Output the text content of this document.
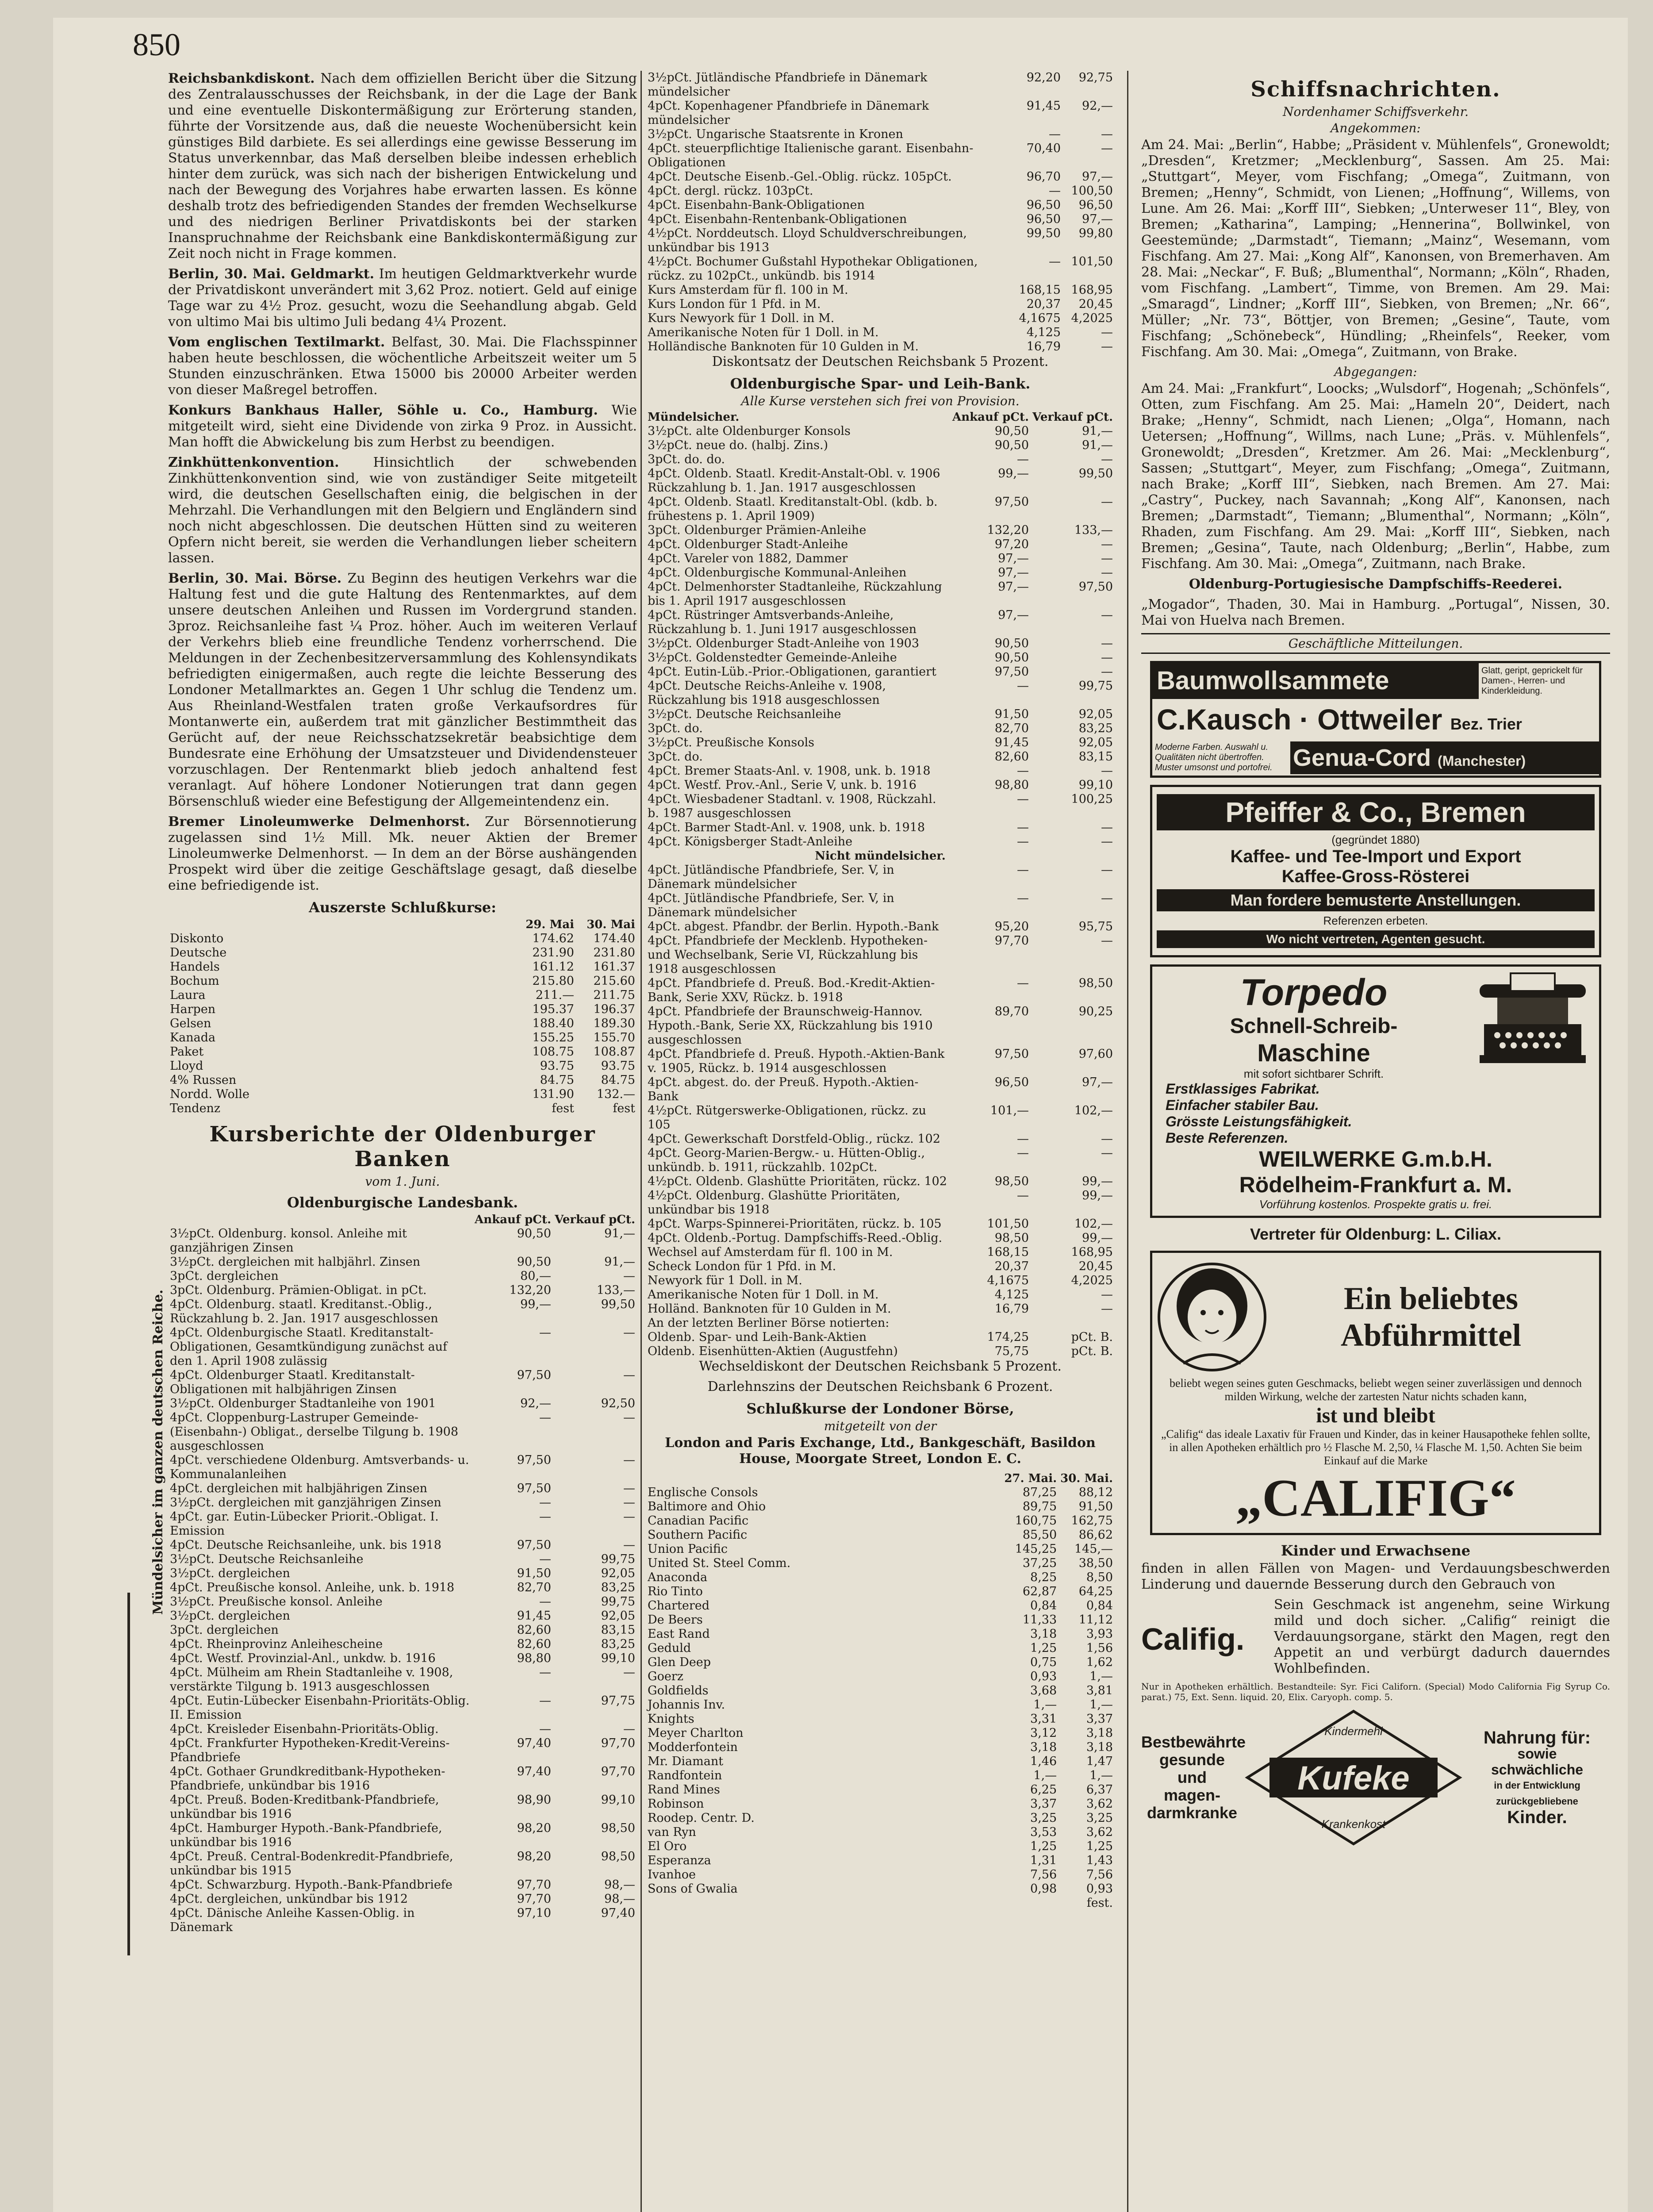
850
Mündelsicher im ganzen deutschen Reiche.

Reichsbankdiskont. Nach dem offiziellen Bericht über die Sitzung des Zentralausschusses der Reichsbank, in der die Lage der Bank und eine eventuelle Diskontermäßigung zur Erörterung standen, führte der Vorsitzende aus, daß die neueste Wochenübersicht kein günstiges Bild darbiete. Es sei allerdings eine gewisse Besserung im Status unverkennbar, das Maß derselben bleibe indessen erheblich hinter dem zurück, was sich nach der bisherigen Entwickelung und nach der Bewegung des Vorjahres habe erwarten lassen. Es könne deshalb trotz des befriedigenden Standes der fremden Wechselkurse und des niedrigen Berliner Privatdiskonts bei der starken Inanspruchnahme der Reichsbank eine Bankdiskontermäßigung zur Zeit noch nicht in Frage kommen.

Berlin, 30. Mai. Geldmarkt. Im heutigen Geldmarktverkehr wurde der Privatdiskont unverändert mit 3,62 Proz. notiert. Geld auf einige Tage war zu 4½ Proz. gesucht, wozu die Seehandlung abgab. Geld von ultimo Mai bis ultimo Juli bedang 4¼ Prozent.

Vom englischen Textilmarkt. Belfast, 30. Mai. Die Flachsspinner haben heute beschlossen, die wöchentliche Arbeitszeit weiter um 5 Stunden einzuschränken. Etwa 15000 bis 20000 Arbeiter werden von dieser Maßregel betroffen.

Konkurs Bankhaus Haller, Söhle u. Co., Hamburg. Wie mitgeteilt wird, sieht eine Dividende von zirka 9 Proz. in Aussicht. Man hofft die Abwickelung bis zum Herbst zu beendigen.

Zinkhüttenkonvention. Hinsichtlich der schwebenden Zinkhüttenkonvention sind, wie von zuständiger Seite mitgeteilt wird, die deutschen Gesellschaften einig, die belgischen in der Mehrzahl. Die Verhandlungen mit den Belgiern und Engländern sind noch nicht abgeschlossen. Die deutschen Hütten sind zu weiteren Opfern nicht bereit, sie werden die Verhandlungen lieber scheitern lassen.

Berlin, 30. Mai. Börse. Zu Beginn des heutigen Verkehrs war die Haltung fest und die gute Haltung des Rentenmarktes, auf dem unsere deutschen Anleihen und Russen im Vordergrund standen. 3proz. Reichsanleihe fast ¼ Proz. höher. Auch im weiteren Verlauf der Verkehrs blieb eine freundliche Tendenz vorherrschend. Die Meldungen in der Zechenbesitzerversammlung des Kohlensyndikats befriedigten einigermaßen, auch regte die leichte Besserung des Londoner Metallmarktes an. Gegen 1 Uhr schlug die Tendenz um. Aus Rheinland-Westfalen traten große Verkaufsordres für Montanwerte ein, außerdem trat mit gänzlicher Bestimmtheit das Gerücht auf, der neue Reichsschatzsekretär beabsichtige dem Bundesrate eine Erhöhung der Umsatzsteuer und Dividendensteuer vorzuschlagen. Der Rentenmarkt blieb jedoch anhaltend fest veranlagt. Auf höhere Londoner Notierungen trat dann gegen Börsenschluß wieder eine Befestigung der Allgemeintendenz ein.

Bremer Linoleumwerke Delmenhorst. Zur Börsennotierung zugelassen sind 1½ Mill. Mk. neuer Aktien der Bremer Linoleumwerke Delmenhorst. — In dem an der Börse aushängenden Prospekt wird über die zeitige Geschäftslage gesagt, daß dieselbe eine befriedigende ist.

Auszerste Schlußkurse:
	29. Mai	30. Mai
Diskonto	174.62	174.40
Deutsche	231.90	231.80
Handels	161.12	161.37
Bochum	215.80	215.60
Laura	211.—	211.75
Harpen	195.37	196.37
Gelsen	188.40	189.30
Kanada	155.25	155.70
Paket	108.75	108.87
Lloyd	93.75	93.75
4% Russen	84.75	84.75
Nordd. Wolle	131.90	132.—
Tendenz	fest	fest
Kursberichte der Oldenburger Banken
vom 1. Juni.
Oldenburgische Landesbank.
	Ankauf pCt.	Verkauf pCt.
3½pCt. Oldenburg. konsol. Anleihe mit ganzjährigen Zinsen	90,50	91,—
3½pCt. dergleichen mit halbjährl. Zinsen	90,50	91,—
3pCt. dergleichen	80,—	—
3pCt. Oldenburg. Prämien-Obligat. in pCt.	132,20	133,—
4pCt. Oldenburg. staatl. Kreditanst.-Oblig., Rückzahlung b. 2. Jan. 1917 ausgeschlossen	99,—	99,50
4pCt. Oldenburgische Staatl. Kreditanstalt-Obligationen, Gesamtkündigung zunächst auf den 1. April 1908 zulässig	—	—
4pCt. Oldenburger Staatl. Kreditanstalt-Obligationen mit halbjährigen Zinsen	97,50	—
3½pCt. Oldenburger Stadtanleihe von 1901	92,—	92,50
4pCt. Cloppenburg-Lastruper Gemeinde-(Eisenbahn-) Obligat., derselbe Tilgung b. 1908 ausgeschlossen	—	—
4pCt. verschiedene Oldenburg. Amtsverbands- u. Kommunalanleihen	97,50	—
4pCt. dergleichen mit halbjährigen Zinsen	97,50	—
3½pCt. dergleichen mit ganzjährigen Zinsen	—	—
4pCt. gar. Eutin-Lübecker Priorit.-Obligat. I. Emission	—	—
4pCt. Deutsche Reichsanleihe, unk. bis 1918	97,50	—
3½pCt. Deutsche Reichsanleihe	—	99,75
3½pCt. dergleichen	91,50	92,05
4pCt. Preußische konsol. Anleihe, unk. b. 1918	82,70	83,25
3½pCt. Preußische konsol. Anleihe	—	99,75
3½pCt. dergleichen	91,45	92,05
3pCt. dergleichen	82,60	83,15
4pCt. Rheinprovinz Anleihescheine	82,60	83,25
4pCt. Westf. Provinzial-Anl., unkdw. b. 1916	98,80	99,10
4pCt. Mülheim am Rhein Stadtanleihe v. 1908, verstärkte Tilgung b. 1913 ausgeschlossen	—	—
4pCt. Eutin-Lübecker Eisenbahn-Prioritäts-Oblig. II. Emission	—	97,75
4pCt. Kreisleder Eisenbahn-Prioritäts-Oblig.	—	—
4pCt. Frankfurter Hypotheken-Kredit-Vereins-Pfandbriefe	97,40	97,70
4pCt. Gothaer Grundkreditbank-Hypotheken-Pfandbriefe, unkündbar bis 1916	97,40	97,70
4pCt. Preuß. Boden-Kreditbank-Pfandbriefe, unkündbar bis 1916	98,90	99,10
4pCt. Hamburger Hypoth.-Bank-Pfandbriefe, unkündbar bis 1916	98,20	98,50
4pCt. Preuß. Central-Bodenkredit-Pfandbriefe, unkündbar bis 1915	98,20	98,50
4pCt. Schwarzburg. Hypoth.-Bank-Pfandbriefe	97,70	98,—
4pCt. dergleichen, unkündbar bis 1912	97,70	98,—
4pCt. Dänische Anleihe Kassen-Oblig. in Dänemark	97,10	97,40
3½pCt. Jütländische Pfandbriefe in Dänemark mündelsicher	92,20	92,75
4pCt. Kopenhagener Pfandbriefe in Dänemark mündelsicher	91,45	92,—
3½pCt. Ungarische Staatsrente in Kronen	—	—
4pCt. steuerpflichtige Italienische garant. Eisenbahn-Obligationen	70,40	—
4pCt. Deutsche Eisenb.-Gel.-Oblig. rückz. 105pCt.	96,70	97,—
4pCt. dergl. rückz. 103pCt.	—	100,50
4pCt. Eisenbahn-Bank-Obligationen	96,50	96,50
4pCt. Eisenbahn-Rentenbank-Obligationen	96,50	97,—
4½pCt. Norddeutsch. Lloyd Schuldverschreibungen, unkündbar bis 1913	99,50	99,80
4½pCt. Bochumer Gußstahl Hypothekar Obligationen, rückz. zu 102pCt., unkündb. bis 1914	—	101,50
Kurs Amsterdam für fl. 100 in M.	168,15	168,95
Kurs London für 1 Pfd. in M.	20,37	20,45
Kurs Newyork für 1 Doll. in M.	4,1675	4,2025
Amerikanische Noten für 1 Doll. in M.	4,125	—
Holländische Banknoten für 10 Gulden in M.	16,79	—

Diskontsatz der Deutschen Reichsbank 5 Prozent.

Oldenburgische Spar- und Leih-Bank.
Alle Kurse verstehen sich frei von Provision.
Mündelsicher.	Ankauf pCt.	Verkauf pCt.
3½pCt. alte Oldenburger Konsols	90,50	91,—
3½pCt. neue do. (halbj. Zins.)	90,50	91,—
3pCt. do. do.	—	—
4pCt. Oldenb. Staatl. Kredit-Anstalt-Obl. v. 1906 Rückzahlung b. 1. Jan. 1917 ausgeschlossen	99,—	99,50
4pCt. Oldenb. Staatl. Kreditanstalt-Obl. (kdb. b. frühestens p. 1. April 1909)	97,50	—
3pCt. Oldenburger Prämien-Anleihe	132,20	133,—
4pCt. Oldenburger Stadt-Anleihe	97,20	—
4pCt. Vareler von 1882, Dammer	97,—	—
4pCt. Oldenburgische Kommunal-Anleihen	97,—	—
4pCt. Delmenhorster Stadtanleihe, Rückzahlung bis 1. April 1917 ausgeschlossen	97,—	97,50
4pCt. Rüstringer Amtsverbands-Anleihe, Rückzahlung b. 1. Juni 1917 ausgeschlossen	97,—	—
3½pCt. Oldenburger Stadt-Anleihe von 1903	90,50	—
3½pCt. Goldenstedter Gemeinde-Anleihe	90,50	—
4pCt. Eutin-Lüb.-Prior.-Obligationen, garantiert	97,50	—
4pCt. Deutsche Reichs-Anleihe v. 1908, Rückzahlung bis 1918 ausgeschlossen	—	99,75
3½pCt. Deutsche Reichsanleihe	91,50	92,05
3pCt. do.	82,70	83,25
3½pCt. Preußische Konsols	91,45	92,05
3pCt. do.	82,60	83,15
4pCt. Bremer Staats-Anl. v. 1908, unk. b. 1918	—	—
4pCt. Westf. Prov.-Anl., Serie V, unk. b. 1916	98,80	99,10
4pCt. Wiesbadener Stadtanl. v. 1908, Rückzahl. b. 1987 ausgeschlossen	—	100,25
4pCt. Barmer Stadt-Anl. v. 1908, unk. b. 1918	—	—
4pCt. Königsberger Stadt-Anleihe	—	—
Nicht mündelsicher.		
4pCt. Jütländische Pfandbriefe, Ser. V, in Dänemark mündelsicher	—	—
4pCt. Jütländische Pfandbriefe, Ser. V, in Dänemark mündelsicher	—	—
4pCt. abgest. Pfandbr. der Berlin. Hypoth.-Bank	95,20	95,75
4pCt. Pfandbriefe der Mecklenb. Hypotheken- und Wechselbank, Serie VI, Rückzahlung bis 1918 ausgeschlossen	97,70	—
4pCt. Pfandbriefe d. Preuß. Bod.-Kredit-Aktien-Bank, Serie XXV, Rückz. b. 1918	—	98,50
4pCt. Pfandbriefe der Braunschweig-Hannov. Hypoth.-Bank, Serie XX, Rückzahlung bis 1910 ausgeschlossen	89,70	90,25
4pCt. Pfandbriefe d. Preuß. Hypoth.-Aktien-Bank v. 1905, Rückz. b. 1914 ausgeschlossen	97,50	97,60
4pCt. abgest. do. der Preuß. Hypoth.-Aktien-Bank	96,50	97,—
4½pCt. Rütgerswerke-Obligationen, rückz. zu 105	101,—	102,—
4pCt. Gewerkschaft Dorstfeld-Oblig., rückz. 102	—	—
4pCt. Georg-Marien-Bergw.- u. Hütten-Oblig., unkündb. b. 1911, rückzahlb. 102pCt.	—	—
4½pCt. Oldenb. Glashütte Prioritäten, rückz. 102	98,50	99,—
4½pCt. Oldenburg. Glashütte Prioritäten, unkündbar bis 1918	—	99,—
4pCt. Warps-Spinnerei-Prioritäten, rückz. b. 105	101,50	102,—
4pCt. Oldenb.-Portug. Dampfschiffs-Reed.-Oblig.	98,50	99,—
Wechsel auf Amsterdam für fl. 100 in M.	168,15	168,95
Scheck London für 1 Pfd. in M.	20,37	20,45
Newyork für 1 Doll. in M.	4,1675	4,2025
Amerikanische Noten für 1 Doll. in M.	4,125	—
Holländ. Banknoten für 10 Gulden in M.	16,79	—
An der letzten Berliner Börse notierten:		
Oldenb. Spar- und Leih-Bank-Aktien	174,25	pCt. B.
Oldenb. Eisenhütten-Aktien (Augustfehn)	75,75	pCt. B.

Wechseldiskont der Deutschen Reichsbank 5 Prozent.

Darlehnszins der Deutschen Reichsbank 6 Prozent.

Schlußkurse der Londoner Börse,
mitgeteilt von der

London and Paris Exchange, Ltd., Bankgeschäft, Basildon House, Moorgate Street, London E. C.

	27. Mai.	30. Mai.
Englische Consols	87,25	88,12

Baltimore and Ohio	89,75	91,50
Canadian Pacific	160,75	162,75
Southern Pacific	85,50	86,62
Union Pacific	145,25	145,—
United St. Steel Comm.	37,25	38,50

Anaconda	8,25	8,50
Rio Tinto	62,87	64,25

Chartered	0,84	0,84
De Beers	11,33	11,12
East Rand	3,18	3,93
Geduld	1,25	1,56
Glen Deep	0,75	1,62
Goerz	0,93	1,—
Goldfields	3,68	3,81
Johannis Inv.	1,—	1,—
Knights	3,31	3,37
Meyer Charlton	3,12	3,18
Modderfontein	3,18	3,18
Mr. Diamant	1,46	1,47
Randfontein	1,—	1,—
Rand Mines	6,25	6,37
Robinson	3,37	3,62
Roodep. Centr. D.	3,25	3,25
van Ryn	3,53	3,62

El Oro	1,25	1,25
Esperanza	1,31	1,43
Ivanhoe	7,56	7,56
Sons of Gwalia	0,98	0,93
		fest.
Schiffsnachrichten.
Nordenhamer Schiffsverkehr.
Angekommen:

Am 24. Mai: „Berlin“, Habbe; „Präsident v. Mühlenfels“, Gronewoldt; „Dresden“, Kretzmer; „Mecklenburg“, Sassen. Am 25. Mai: „Stuttgart“, Meyer, vom Fischfang; „Omega“, Zuitmann, von Bremen; „Henny“, Schmidt, von Lienen; „Hoffnung“, Willems, von Lune. Am 26. Mai: „Korff III“, Siebken; „Unterweser 11“, Bley, von Bremen; „Katharina“, Lamping; „Hennerina“, Bollwinkel, von Geestemünde; „Darmstadt“, Tiemann; „Mainz“, Wesemann, vom Fischfang. Am 27. Mai: „Kong Alf“, Kanonsen, von Bremerhaven. Am 28. Mai: „Neckar“, F. Buß; „Blumenthal“, Normann; „Köln“, Rhaden, vom Fischfang. „Lambert“, Timme, von Bremen. Am 29. Mai: „Smaragd“, Lindner; „Korff III“, Siebken, von Bremen; „Nr. 66“, Müller; „Nr. 73“, Böttjer, von Bremen; „Gesine“, Taute, vom Fischfang; „Schönebeck“, Hündling; „Rheinfels“, Reeker, vom Fischfang. Am 30. Mai: „Omega“, Zuitmann, von Brake.

Abgegangen:

Am 24. Mai: „Frankfurt“, Loocks; „Wulsdorf“, Hogenah; „Schönfels“, Otten, zum Fischfang. Am 25. Mai: „Hameln 20“, Deidert, nach Brake; „Henny“, Schmidt, nach Lienen; „Olga“, Homann, nach Uetersen; „Hoffnung“, Willms, nach Lune; „Präs. v. Mühlenfels“, Gronewoldt; „Dresden“, Kretzmer. Am 26. Mai: „Mecklenburg“, Sassen; „Stuttgart“, Meyer, zum Fischfang; „Omega“, Zuitmann, nach Brake; „Korff III“, Siebken, nach Bremen. Am 27. Mai: „Castry“, Puckey, nach Savannah; „Kong Alf“, Kanonsen, nach Bremen; „Darmstadt“, Tiemann; „Blumenthal“, Normann; „Köln“, Rhaden, zum Fischfang. Am 29. Mai: „Korff III“, Siebken, nach Bremen; „Gesina“, Taute, nach Oldenburg; „Berlin“, Habbe, zum Fischfang. Am 30. Mai: „Omega“, Zuitmann, nach Brake.

Oldenburg-Portugiesische Dampfschiffs-Reederei.

„Mogador“, Thaden, 30. Mai in Hamburg. „Portugal“, Nissen, 30. Mai von Huelva nach Bremen.

Geschäftliche Mitteilungen.
Baumwollsammete	Glatt, geript, geprickelt für Damen-, Herren- und Kinderkleidung.
C.Kausch · Ottweiler Bez. Trier
Moderne Farben. Auswahl u. Qualitäten nicht übertroffen. Muster umsonst und portofrei. Genua-Cord (Manchester)
Pfeiffer & Co., Bremen
(gegründet 1880)
Kaffee- und Tee-Import und Export
Kaffee-Gross-Rösterei
Man fordere bemusterte Anstellungen.
Referenzen erbeten.
Wo nicht vertreten, Agenten gesucht.
Torpedo
Schnell-Schreib-
Maschine
mit sofort sichtbarer Schrift.
Erstklassiges Fabrikat.
Einfacher stabiler Bau.
Grösste Leistungsfähigkeit.
Beste Referenzen.
WEILWERKE G.m.b.H.
Rödelheim-Frankfurt a. M.
Vorführung kostenlos. Prospekte gratis u. frei.
Vertreter für Oldenburg: L. Ciliax.
Ein beliebtes
Abführmittel
beliebt wegen seines guten Geschmacks, beliebt wegen seiner zuverlässigen und dennoch milden Wirkung, welche der zartesten Natur nichts schaden kann,
ist und bleibt
„Califig“ das ideale Laxativ für Frauen und Kinder, das in keiner Hausapotheke fehlen sollte, in allen Apotheken erhältlich pro ½ Flasche M. 2,50, ¼ Flasche M. 1,50. Achten Sie beim Einkauf auf die Marke
„CALIFIG“
Kinder und Erwachsene

finden in allen Fällen von Magen- und Verdauungsbeschwerden Linderung und dauernde Besserung durch den Gebrauch von

Califig.

Sein Geschmack ist angenehm, seine Wirkung mild und doch sicher. „Califig“ reinigt die Verdauungsorgane, stärkt den Magen, regt den Appetit an und verbürgt dadurch dauerndes Wohlbefinden.

Nur in Apotheken erhältlich. Bestandteile: Syr. Fici Californ. (Special) Modo California Fig Syrup Co. parat.) 75, Ext. Senn. liquid. 20, Elix. Caryoph. comp. 5.

Bestbewährte
gesunde
und
magen-
darmkranke
Kindermehl
Kufeke
Krankenkost
Nahrung für:
sowie
schwächliche
in der Entwicklung
zurückgebliebene
Kinder.
